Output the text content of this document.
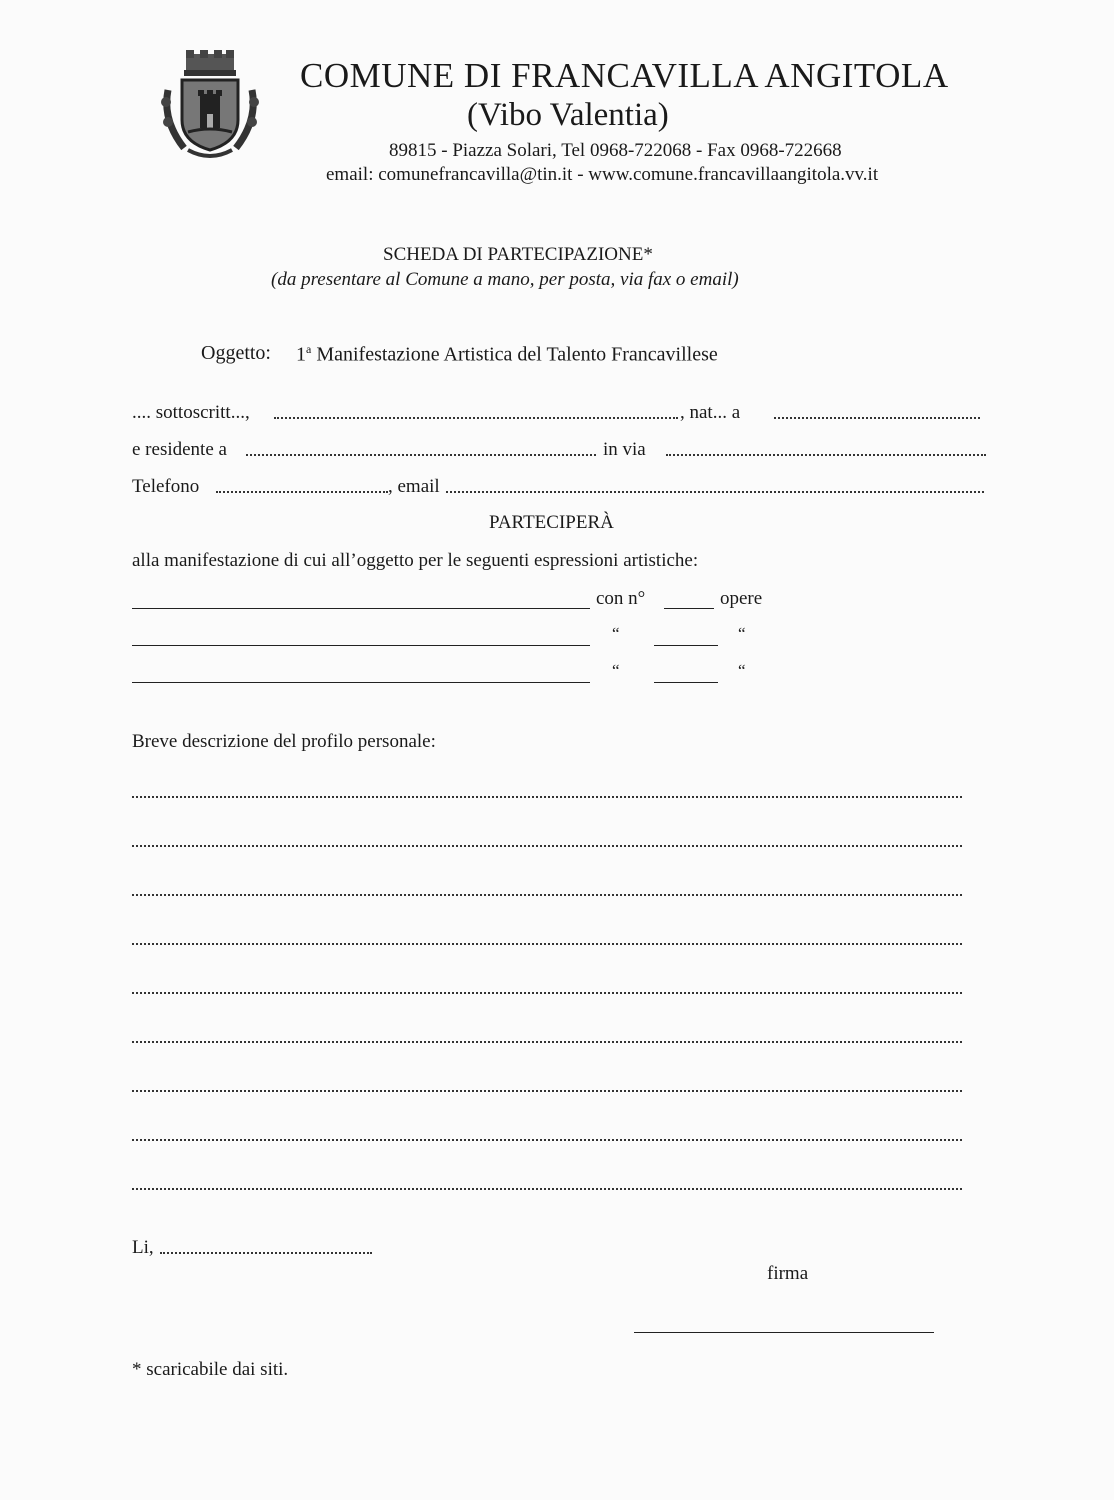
COMUNE DI FRANCAVILLA ANGITOLA
(Vibo Valentia)
89815 - Piazza Solari, Tel 0968-722068 - Fax 0968-722668
email: comunefrancavilla@tin.it - www.comune.francavillaangitola.vv.it
SCHEDA DI PARTECIPAZIONE*
(da presentare al Comune a mano, per posta, via fax o email)
Oggetto: 1$^a$ Manifestazione Artistica del Talento Francavillese
.... sottoscritt...,	, nat... a
e residente a	in via
Telefono	, email
PARTECIPERÀ
alla manifestazione di cui all’oggetto per le seguenti espressioni artistiche:
con n°	opere
“	“
“	“
Breve descrizione del profilo personale:
Li,
firma
* scaricabile dai siti.
